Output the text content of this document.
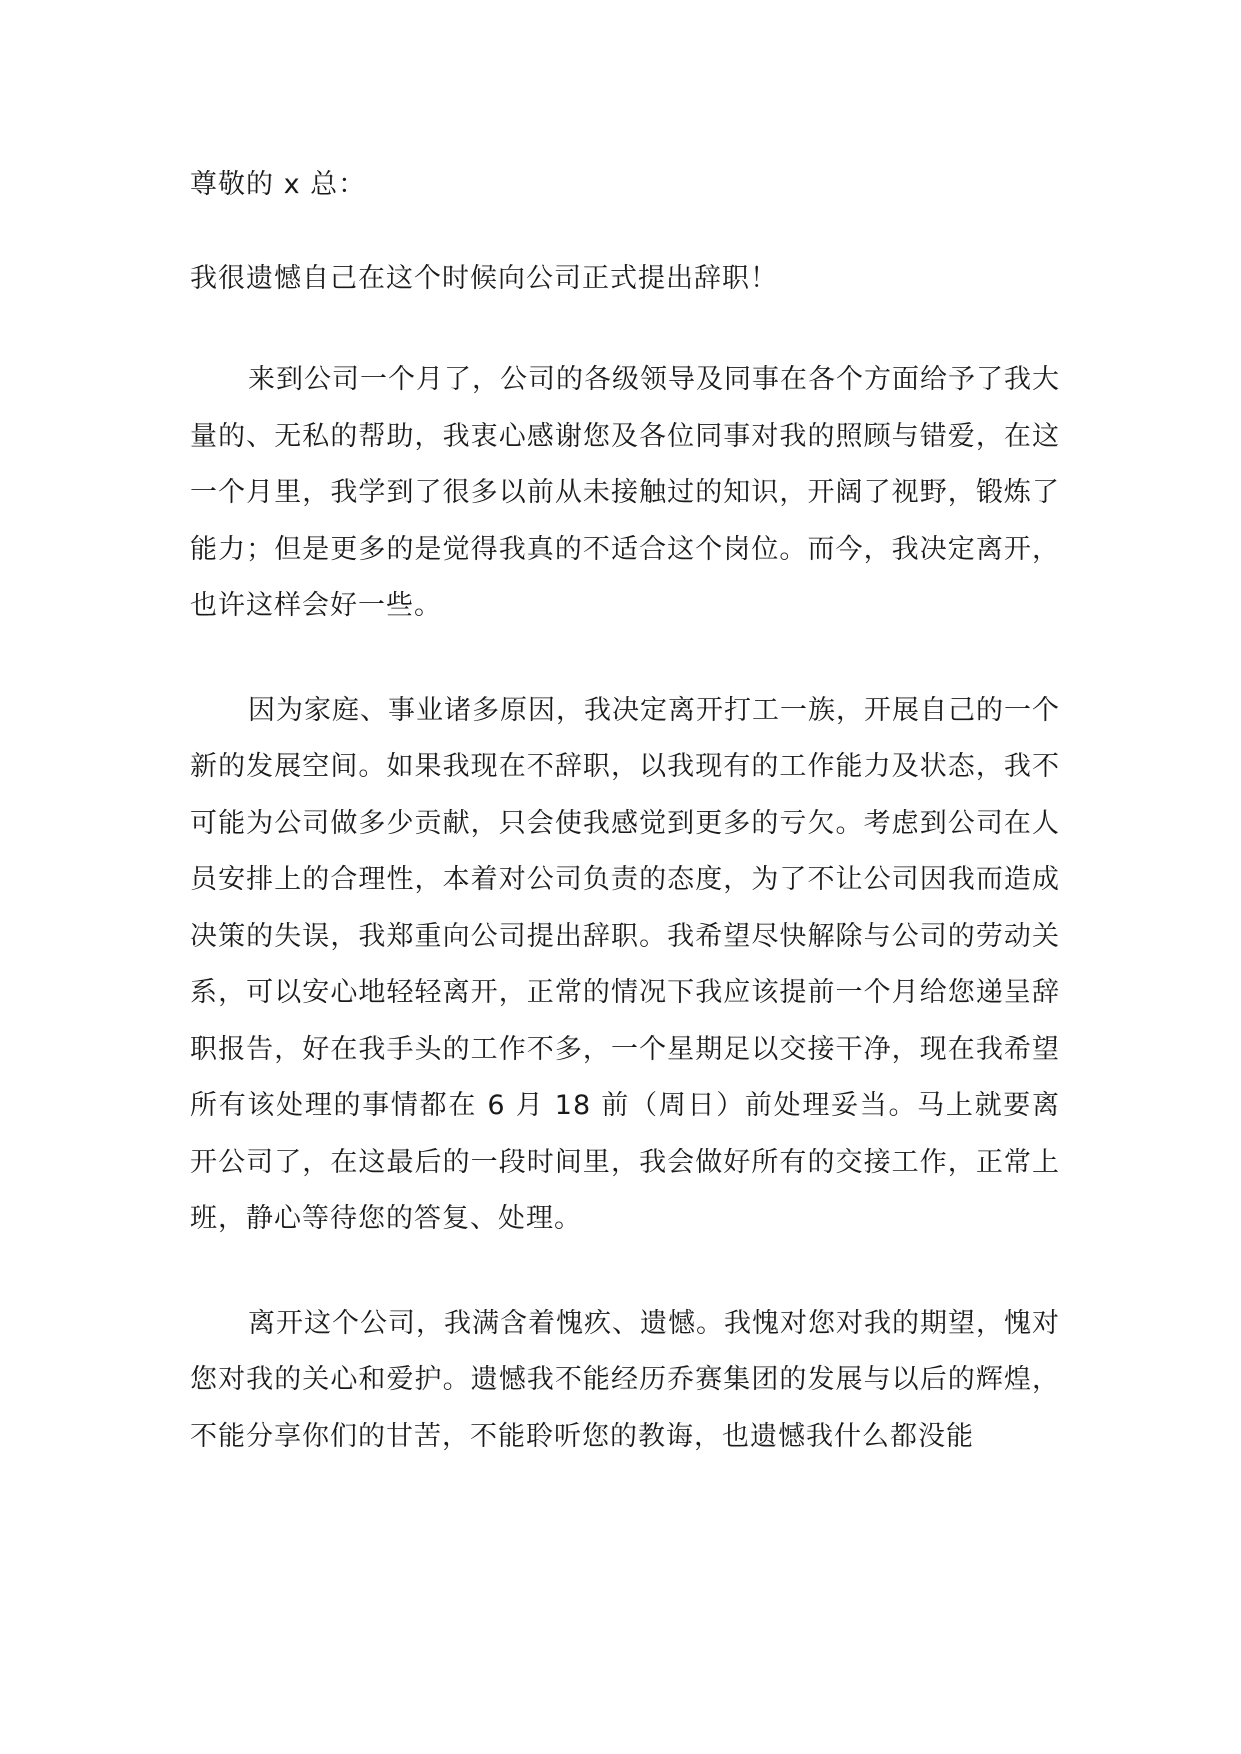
尊敬的 x 总：

我很遗憾自己在这个时候向公司正式提出辞职！

来到公司一个月了，公司的各级领导及同事在各个方面给予了我大量的、无私的帮助，我衷心感谢您及各位同事对我的照顾与错爱，在这一个月里，我学到了很多以前从未接触过的知识，开阔了视野，锻炼了能力；但是更多的是觉得我真的不适合这个岗位。而今，我决定离开，也许这样会好一些。

因为家庭、事业诸多原因，我决定离开打工一族，开展自己的一个新的发展空间。如果我现在不辞职，以我现有的工作能力及状态，我不可能为公司做多少贡献，只会使我感觉到更多的亏欠。考虑到公司在人员安排上的合理性，本着对公司负责的态度，为了不让公司因我而造成决策的失误，我郑重向公司提出辞职。我希望尽快解除与公司的劳动关系，可以安心地轻轻离开，正常的情况下我应该提前一个月给您递呈辞职报告，好在我手头的工作不多，一个星期足以交接干净，现在我希望所有该处理的事情都在 6 月 18 前（周日）前处理妥当。马上就要离开公司了，在这最后的一段时间里，我会做好所有的交接工作，正常上班，静心等待您的答复、处理。

离开这个公司，我满含着愧疚、遗憾。我愧对您对我的期望，愧对您对我的关心和爱护。遗憾我不能经历乔赛集团的发展与以后的辉煌，不能分享你们的甘苦，不能聆听您的教诲，也遗憾我什么都没能
